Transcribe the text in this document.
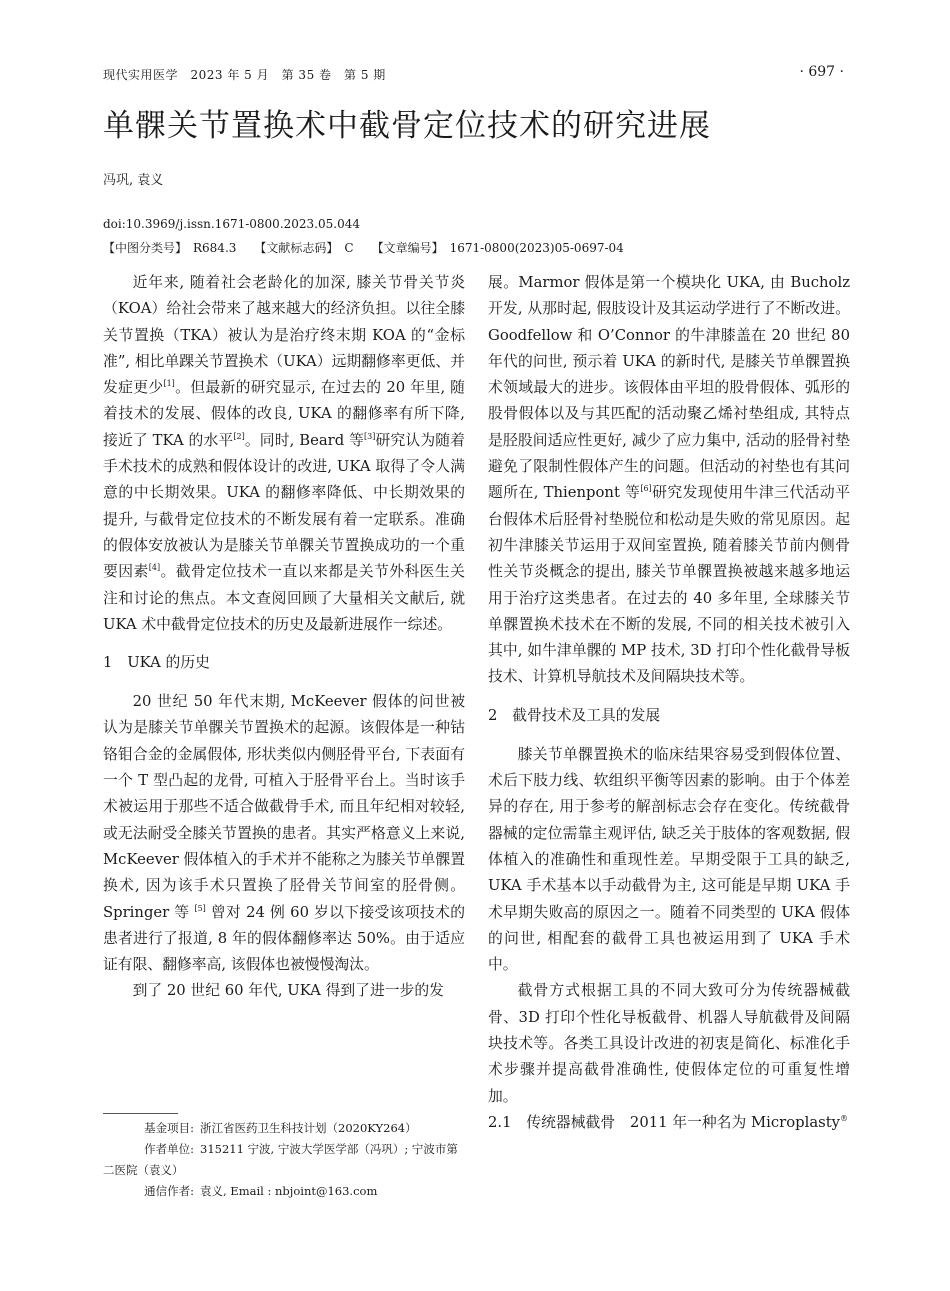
现代实用医学　2023 年 5 月　第 35 卷　第 5 期	· 697 ·
单髁关节置换术中截骨定位技术的研究进展
冯巩, 袁义
doi:10.3969/j.issn.1671-0800.2023.05.044
【中图分类号】　R684.3　　【文献标志码】　C　　【文章编号】　1671-0800(2023)05-0697-04

近年来, 随着社会老龄化的加深, 膝关节骨关节炎（KOA）给社会带来了越来越大的经济负担。以往全膝关节置换（TKA）被认为是治疗终末期 KOA 的“金标准”, 相比单踝关节置换术（UKA）远期翻修率更低、并发症更少[1]。但最新的研究显示, 在过去的 20 年里, 随着技术的发展、假体的改良, UKA 的翻修率有所下降, 接近了 TKA 的水平[2]。同时, Beard 等[3]研究认为随着手术技术的成熟和假体设计的改进, UKA 取得了令人满意的中长期效果。UKA 的翻修率降低、中长期效果的提升, 与截骨定位技术的不断发展有着一定联系。准确的假体安放被认为是膝关节单髁关节置换成功的一个重要因素[4]。截骨定位技术一直以来都是关节外科医生关注和讨论的焦点。本文查阅回顾了大量相关文献后, 就 UKA 术中截骨定位技术的历史及最新进展作一综述。

1　UKA 的历史

20 世纪 50 年代末期, McKeever 假体的问世被认为是膝关节单髁关节置换术的起源。该假体是一种钴铬钼合金的金属假体, 形状类似内侧胫骨平台, 下表面有一个 T 型凸起的龙骨, 可植入于胫骨平台上。当时该手术被运用于那些不适合做截骨手术, 而且年纪相对较轻, 或无法耐受全膝关节置换的患者。其实严格意义上来说, McKeever 假体植入的手术并不能称之为膝关节单髁置换术, 因为该手术只置换了胫骨关节间室的胫骨侧。Springer 等 [5] 曾对 24 例 60 岁以下接受该项技术的患者进行了报道, 8 年的假体翻修率达 50%。由于适应证有限、翻修率高, 该假体也被慢慢淘汰。

到了 20 世纪 60 年代, UKA 得到了进一步的发

展。Marmor 假体是第一个模块化 UKA, 由 Bucholz 开发, 从那时起, 假肢设计及其运动学进行了不断改进。Goodfellow 和 O’Connor 的牛津膝盖在 20 世纪 80 年代的问世, 预示着 UKA 的新时代, 是膝关节单髁置换术领域最大的进步。该假体由平坦的股骨假体、弧形的股骨假体以及与其匹配的活动聚乙烯衬垫组成, 其特点是胫股间适应性更好, 减少了应力集中, 活动的胫骨衬垫避免了限制性假体产生的问题。但活动的衬垫也有其问题所在, Thienpont 等[6]研究发现使用牛津三代活动平台假体术后胫骨衬垫脱位和松动是失败的常见原因。起初牛津膝关节运用于双间室置换, 随着膝关节前内侧骨性关节炎概念的提出, 膝关节单髁置换被越来越多地运用于治疗这类患者。在过去的 40 多年里, 全球膝关节单髁置换术技术在不断的发展, 不同的相关技术被引入其中, 如牛津单髁的 MP 技术, 3D 打印个性化截骨导板技术、计算机导航技术及间隔块技术等。

2　截骨技术及工具的发展

膝关节单髁置换术的临床结果容易受到假体位置、术后下肢力线、软组织平衡等因素的影响。由于个体差异的存在, 用于参考的解剖标志会存在变化。传统截骨器械的定位需靠主观评估, 缺乏关于肢体的客观数据, 假体植入的准确性和重现性差。早期受限于工具的缺乏, UKA 手术基本以手动截骨为主, 这可能是早期 UKA 手术早期失败高的原因之一。随着不同类型的 UKA 假体的问世, 相配套的截骨工具也被运用到了 UKA 手术中。

截骨方式根据工具的不同大致可分为传统器械截骨、3D 打印个性化导板截骨、机器人导航截骨及间隔块技术等。各类工具设计改进的初衷是简化、标准化手术步骤并提高截骨准确性, 使假体定位的可重复性增加。

2.1　传统器械截骨　2011 年一种名为 Microplasty®

基金项目: 浙江省医药卫生科技计划（2020KY264）
作者单位: 315211 宁波, 宁波大学医学部（冯巩）; 宁波市第二医院（袁义）
通信作者: 袁义, Email : nbjoint@163.com
